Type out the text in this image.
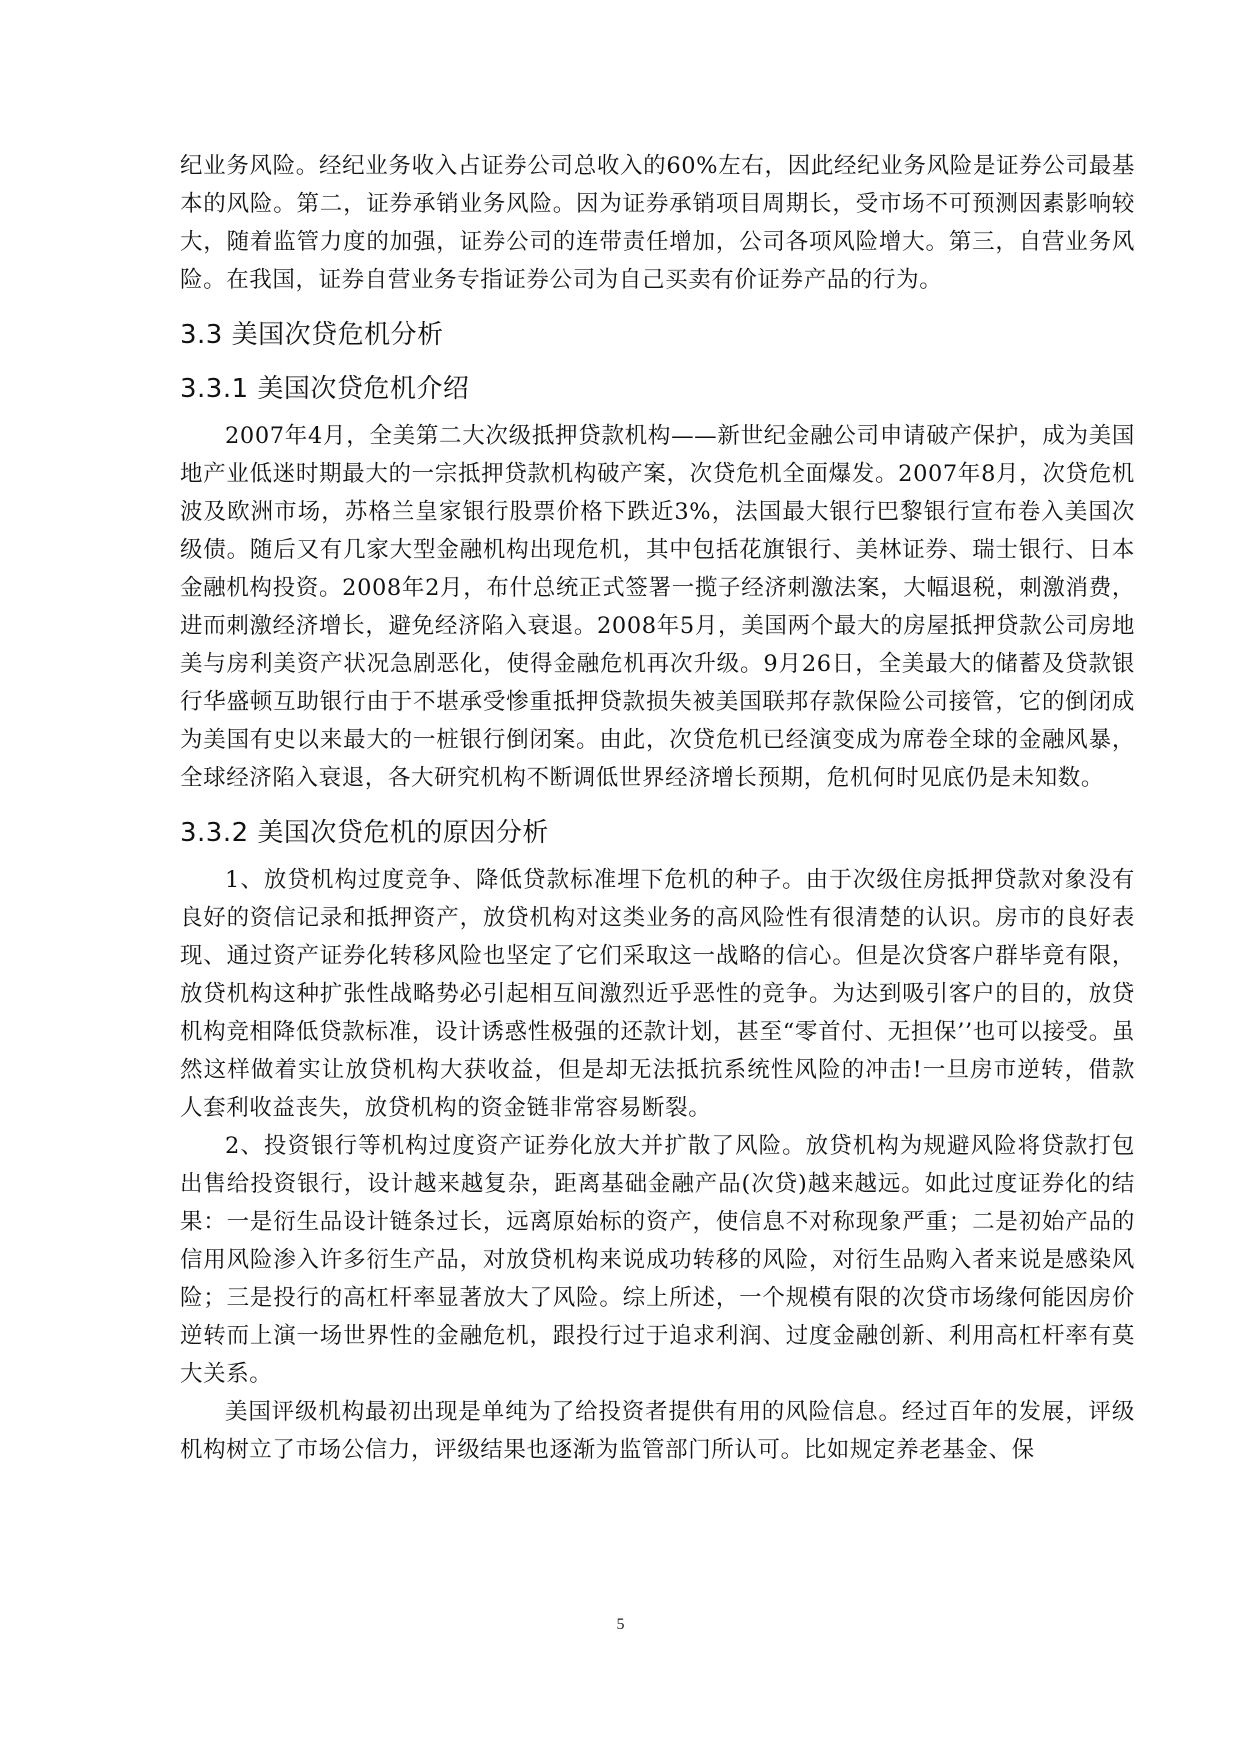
纪业务风险。经纪业务收入占证券公司总收入的60%左右，因此经纪业务风险是证券公司最基本的风险。第二，证券承销业务风险。因为证券承销项目周期长，受市场不可预测因素影响较大，随着监管力度的加强，证券公司的连带责任增加，公司各项风险增大。第三，自营业务风险。在我国，证券自营业务专指证券公司为自己买卖有价证券产品的行为。

3.3 美国次贷危机分析
3.3.1 美国次贷危机介绍

2007年4月，全美第二大次级抵押贷款机构——新世纪金融公司申请破产保护，成为美国地产业低迷时期最大的一宗抵押贷款机构破产案，次贷危机全面爆发。2007年8月，次贷危机波及欧洲市场，苏格兰皇家银行股票价格下跌近3%，法国最大银行巴黎银行宣布卷入美国次级债。随后又有几家大型金融机构出现危机，其中包括花旗银行、美林证券、瑞士银行、日本金融机构投资。2008年2月，布什总统正式签署一揽子经济刺激法案，大幅退税，刺激消费，进而刺激经济增长，避免经济陷入衰退。2008年5月，美国两个最大的房屋抵押贷款公司房地美与房利美资产状况急剧恶化，使得金融危机再次升级。9月26日，全美最大的储蓄及贷款银行华盛顿互助银行由于不堪承受惨重抵押贷款损失被美国联邦存款保险公司接管，它的倒闭成为美国有史以来最大的一桩银行倒闭案。由此，次贷危机已经演变成为席卷全球的金融风暴，全球经济陷入衰退，各大研究机构不断调低世界经济增长预期，危机何时见底仍是未知数。

3.3.2 美国次贷危机的原因分析

1、放贷机构过度竞争、降低贷款标准埋下危机的种子。由于次级住房抵押贷款对象没有良好的资信记录和抵押资产，放贷机构对这类业务的高风险性有很清楚的认识。房市的良好表现、通过资产证券化转移风险也坚定了它们采取这一战略的信心。但是次贷客户群毕竟有限，放贷机构这种扩张性战略势必引起相互间激烈近乎恶性的竞争。为达到吸引客户的目的，放贷机构竞相降低贷款标准，设计诱惑性极强的还款计划，甚至“零首付、无担保’’也可以接受。虽然这样做着实让放贷机构大获收益，但是却无法抵抗系统性风险的冲击!一旦房市逆转，借款人套利收益丧失，放贷机构的资金链非常容易断裂。

2、投资银行等机构过度资产证券化放大并扩散了风险。放贷机构为规避风险将贷款打包出售给投资银行，设计越来越复杂，距离基础金融产品(次贷)越来越远。如此过度证券化的结果：一是衍生品设计链条过长，远离原始标的资产，使信息不对称现象严重；二是初始产品的信用风险渗入许多衍生产品，对放贷机构来说成功转移的风险，对衍生品购入者来说是感染风险；三是投行的高杠杆率显著放大了风险。综上所述，一个规模有限的次贷市场缘何能因房价逆转而上演一场世界性的金融危机，跟投行过于追求利润、过度金融创新、利用高杠杆率有莫大关系。

美国评级机构最初出现是单纯为了给投资者提供有用的风险信息。经过百年的发展，评级机构树立了市场公信力，评级结果也逐渐为监管部门所认可。比如规定养老基金、保

5
